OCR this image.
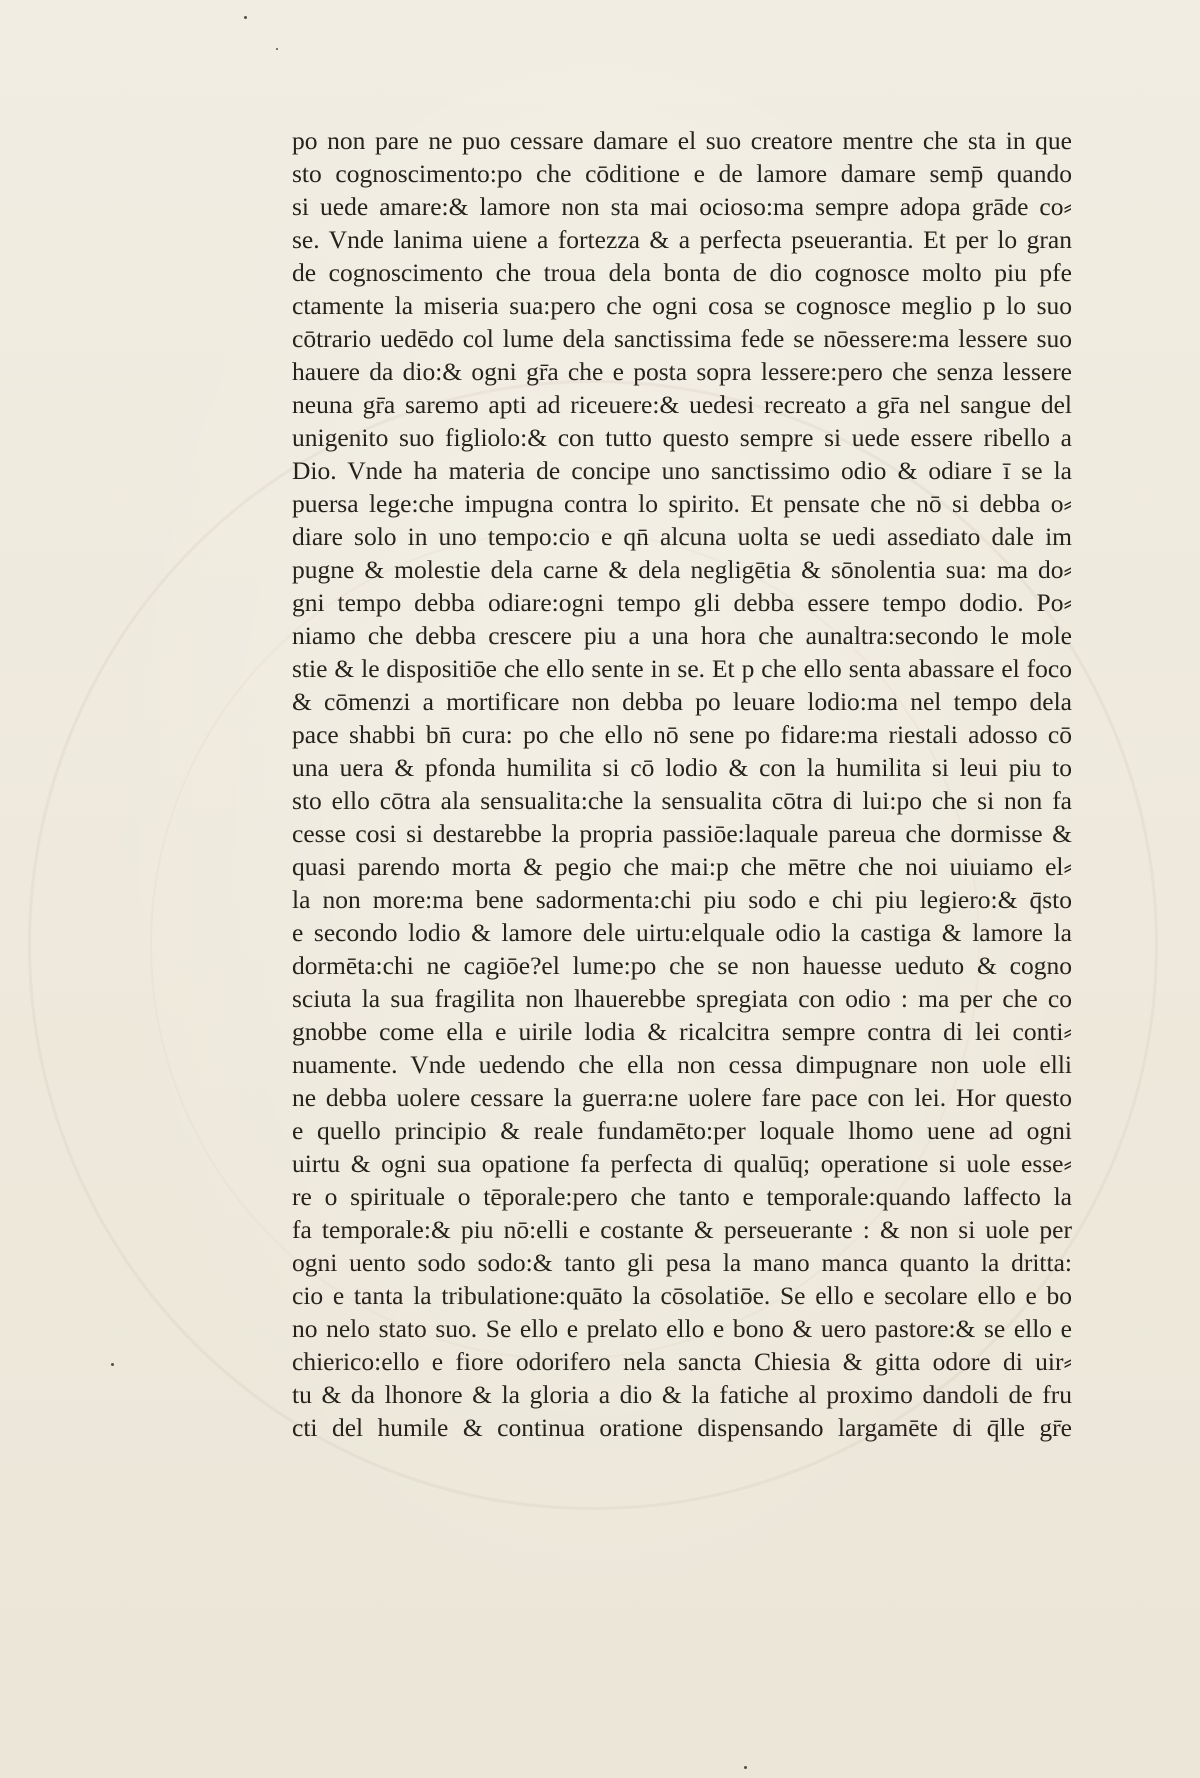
po non pare ne puo cessare damare el suo creatore mentre che sta in que
sto cognoscimento:po che cōditione e de lamore damare semp̄ quando
si uede amare:& lamore non sta mai ocioso:ma sempre adopa grāde co⸗
se. Vnde lanima uiene a fortezza & a perfecta pseuerantia. Et per lo gran
de cognoscimento che troua dela bonta de dio cognosce molto piu pfe
ctamente la miseria sua:pero che ogni cosa se cognosce meglio p lo suo
cōtrario uedēdo col lume dela sanctissima fede se nōessere:ma lessere suo
hauere da dio:& ogni gr̄a che e posta sopra lessere:pero che senza lessere
neuna gr̄a saremo apti ad riceuere:& uedesi recreato a gr̄a nel sangue del
unigenito suo figliolo:& con tutto questo sempre si uede essere ribello a
Dio. Vnde ha materia de concipe uno sanctissimo odio & odiare ī se la
puersa lege:che impugna contra lo spirito. Et pensate che nō si debba o⸗
diare solo in uno tempo:cio e qn̄ alcuna uolta se uedi assediato dale im
pugne & molestie dela carne & dela negligētia & sōnolentia sua: ma do⸗
gni tempo debba odiare:ogni tempo gli debba essere tempo dodio. Po⸗
niamo che debba crescere piu a una hora che aunaltra:secondo le mole
stie & le dispositiōe che ello sente in se. Et p che ello senta abassare el foco
& cōmenzi a mortificare non debba po leuare lodio:ma nel tempo dela
pace shabbi bn̄ cura: po che ello nō sene po fidare:ma riestali adosso cō
una uera & pfonda humilita si cō lodio & con la humilita si leui piu to
sto ello cōtra ala sensualita:che la sensualita cōtra di lui:po che si non fa
cesse cosi si destarebbe la propria passiōe:laquale pareua che dormisse &
quasi parendo morta & pegio che mai:p che mētre che noi uiuiamo el⸗
la non more:ma bene sadormenta:chi piu sodo e chi piu legiero:& q̄sto
e secondo lodio & lamore dele uirtu:elquale odio la castiga & lamore la
dormēta:chi ne cagiōe?el lume:po che se non hauesse ueduto & cogno
sciuta la sua fragilita non lhauerebbe spregiata con odio : ma per che co
gnobbe come ella e uirile lodia & ricalcitra sempre contra di lei conti⸗
nuamente. Vnde uedendo che ella non cessa dimpugnare non uole elli
ne debba uolere cessare la guerra:ne uolere fare pace con lei. Hor questo
e quello principio & reale fundamēto:per loquale lhomo uene ad ogni
uirtu & ogni sua opatione fa perfecta di qualūq; operatione si uole esse⸗
re o spirituale o tēporale:pero che tanto e temporale:quando laffecto la
fa temporale:& piu nō:elli e costante & perseuerante : & non si uole per
ogni uento sodo sodo:& tanto gli pesa la mano manca quanto la dritta:
cio e tanta la tribulatione:quāto la cōsolatiōe. Se ello e secolare ello e bo
no nelo stato suo. Se ello e prelato ello e bono & uero pastore:& se ello e
chierico:ello e fiore odorifero nela sancta Chiesia & gitta odore di uir⸗
tu & da lhonore & la gloria a dio & la fatiche al proximo dandoli de fru
cti del humile & continua oratione dispensando largamēte di q̄lle gr̄e
